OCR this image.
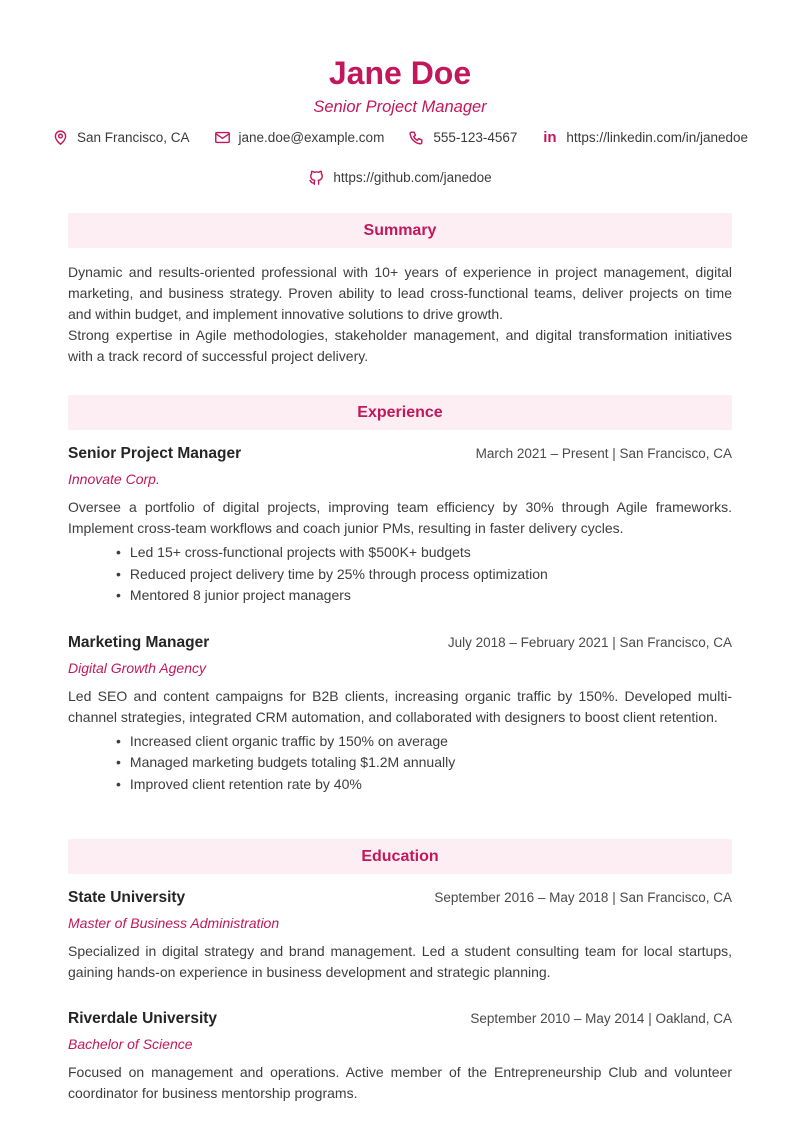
Jane Doe
Senior Project Manager
San Francisco, CA	jane.doe@example.com	555-123-4567 in https://linkedin.com/in/janedoe
https://github.com/janedoe
Summary

Dynamic and results-oriented professional with 10+ years of experience in project management, digital marketing, and business strategy. Proven ability to lead cross-functional teams, deliver projects on time and within budget, and implement innovative solutions to drive growth.

Strong expertise in Agile methodologies, stakeholder management, and digital transformation initiatives with a track record of successful project delivery.

Experience
Senior Project Manager	March 2021 – Present | San Francisco, CA
Innovate Corp.

Oversee a portfolio of digital projects, improving team efficiency by 30% through Agile frameworks. Implement cross-team workflows and coach junior PMs, resulting in faster delivery cycles.

• Led 15+ cross-functional projects with $500K+ budgets
• Reduced project delivery time by 25% through process optimization
• Mentored 8 junior project managers
Marketing Manager	July 2018 – February 2021 | San Francisco, CA
Digital Growth Agency

Led SEO and content campaigns for B2B clients, increasing organic traffic by 150%. Developed multi-channel strategies, integrated CRM automation, and collaborated with designers to boost client retention.

• Increased client organic traffic by 150% on average
• Managed marketing budgets totaling $1.2M annually
• Improved client retention rate by 40%
Education
State University	September 2016 – May 2018 | San Francisco, CA
Master of Business Administration

Specialized in digital strategy and brand management. Led a student consulting team for local startups, gaining hands-on experience in business development and strategic planning.

Riverdale University	September 2010 – May 2014 | Oakland, CA
Bachelor of Science

Focused on management and operations. Active member of the Entrepreneurship Club and volunteer coordinator for business mentorship programs.
